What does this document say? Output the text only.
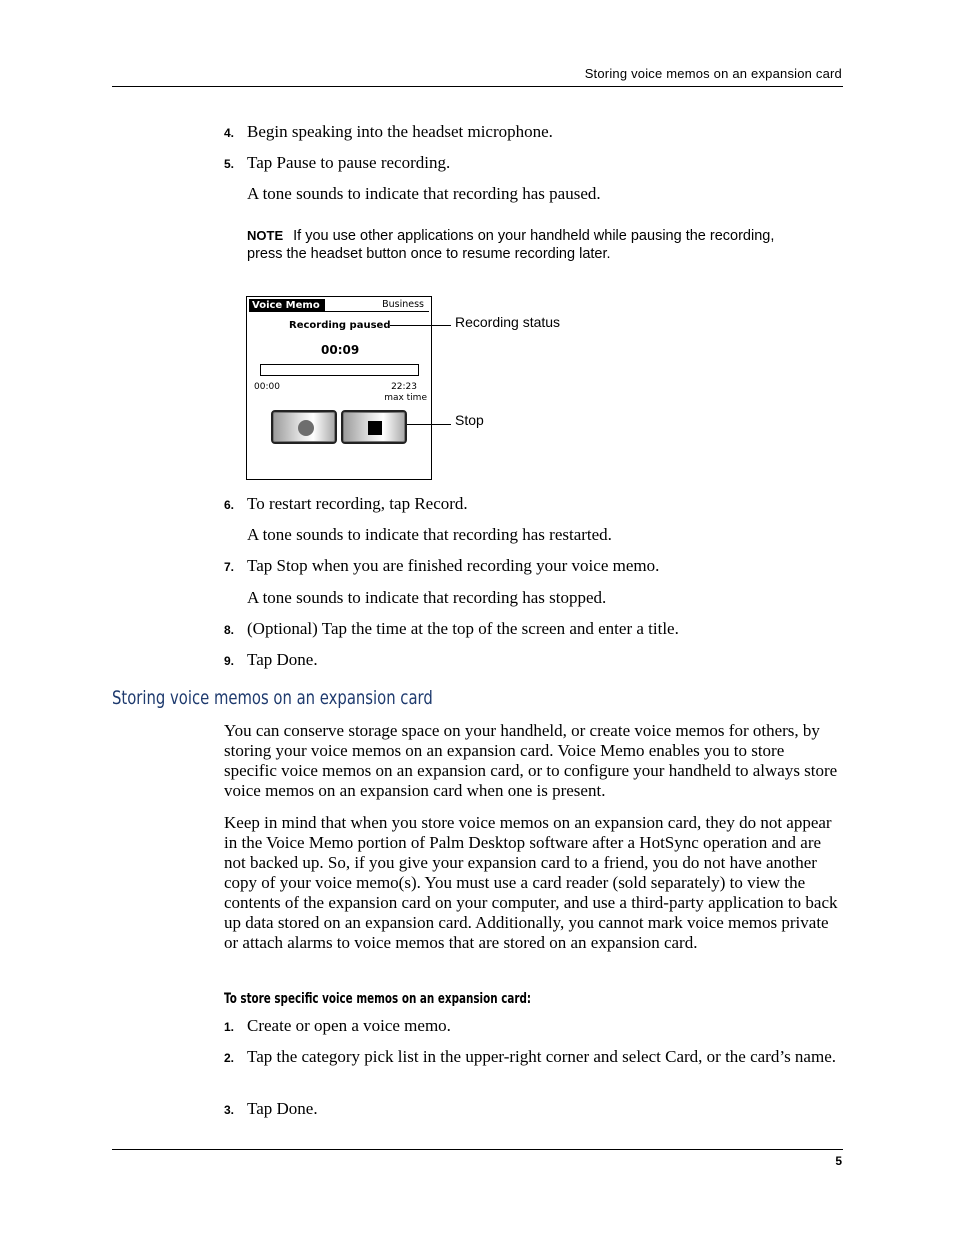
Storing voice memos on an expansion card
4. Begin speaking into the headset microphone.
5. Tap Pause to pause recording.
A tone sounds to indicate that recording has paused.
NOTE If you use other applications on your handheld while pausing the recording, press the headset button once to resume recording later.
Voice Memo	Business
Recording paused
00:09
00:00	22:23
max time
Recording status
Stop
6. To restart recording, tap Record.
A tone sounds to indicate that recording has restarted.
7. Tap Stop when you are finished recording your voice memo.
A tone sounds to indicate that recording has stopped.
8. (Optional) Tap the time at the top of the screen and enter a title.
9. Tap Done.
Storing voice memos on an expansion card
You can conserve storage space on your handheld, or create voice memos for others, by storing your voice memos on an expansion card. Voice Memo enables you to store specific voice memos on an expansion card, or to configure your handheld to always store voice memos on an expansion card when one is present.
Keep in mind that when you store voice memos on an expansion card, they do not appear in the Voice Memo portion of Palm Desktop software after a HotSync operation and are not backed up. So, if you give your expansion card to a friend, you do not have another copy of your voice memo(s). You must use a card reader (sold separately) to view the contents of the expansion card on your computer, and use a third-party application to back up data stored on an expansion card. Additionally, you cannot mark voice memos private or attach alarms to voice memos that are stored on an expansion card.
To store specific voice memos on an expansion card:
1. Create or open a voice memo.
2. Tap the category pick list in the upper-right corner and select Card, or the card’s name.
3. Tap Done.
5
